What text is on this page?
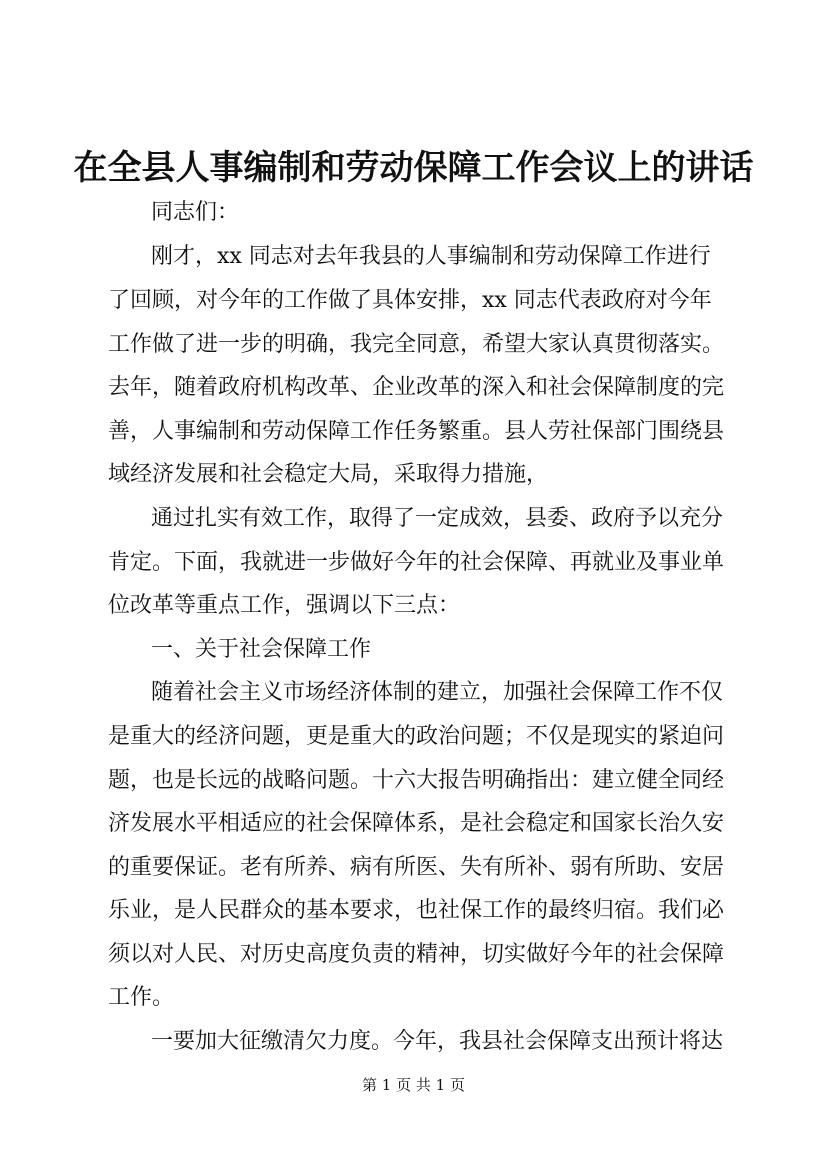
在全县人事编制和劳动保障工作会议上的讲话
同志们：
刚才，xx 同志对去年我县的人事编制和劳动保障工作进行
了回顾，对今年的工作做了具体安排，xx 同志代表政府对今年
工作做了进一步的明确，我完全同意，希望大家认真贯彻落实。
去年，随着政府机构改革、企业改革的深入和社会保障制度的完
善，人事编制和劳动保障工作任务繁重。县人劳社保部门围绕县
域经济发展和社会稳定大局，采取得力措施，
通过扎实有效工作，取得了一定成效，县委、政府予以充分
肯定。下面，我就进一步做好今年的社会保障、再就业及事业单
位改革等重点工作，强调以下三点：
一、关于社会保障工作
随着社会主义市场经济体制的建立，加强社会保障工作不仅
是重大的经济问题，更是重大的政治问题；不仅是现实的紧迫问
题，也是长远的战略问题。十六大报告明确指出：建立健全同经
济发展水平相适应的社会保障体系，是社会稳定和国家长治久安
的重要保证。老有所养、病有所医、失有所补、弱有所助、安居
乐业，是人民群众的基本要求，也社保工作的最终归宿。我们必
须以对人民、对历史高度负责的精神，切实做好今年的社会保障
工作。
一要加大征缴清欠力度。今年，我县社会保障支出预计将达
第 1 页 共 1 页
